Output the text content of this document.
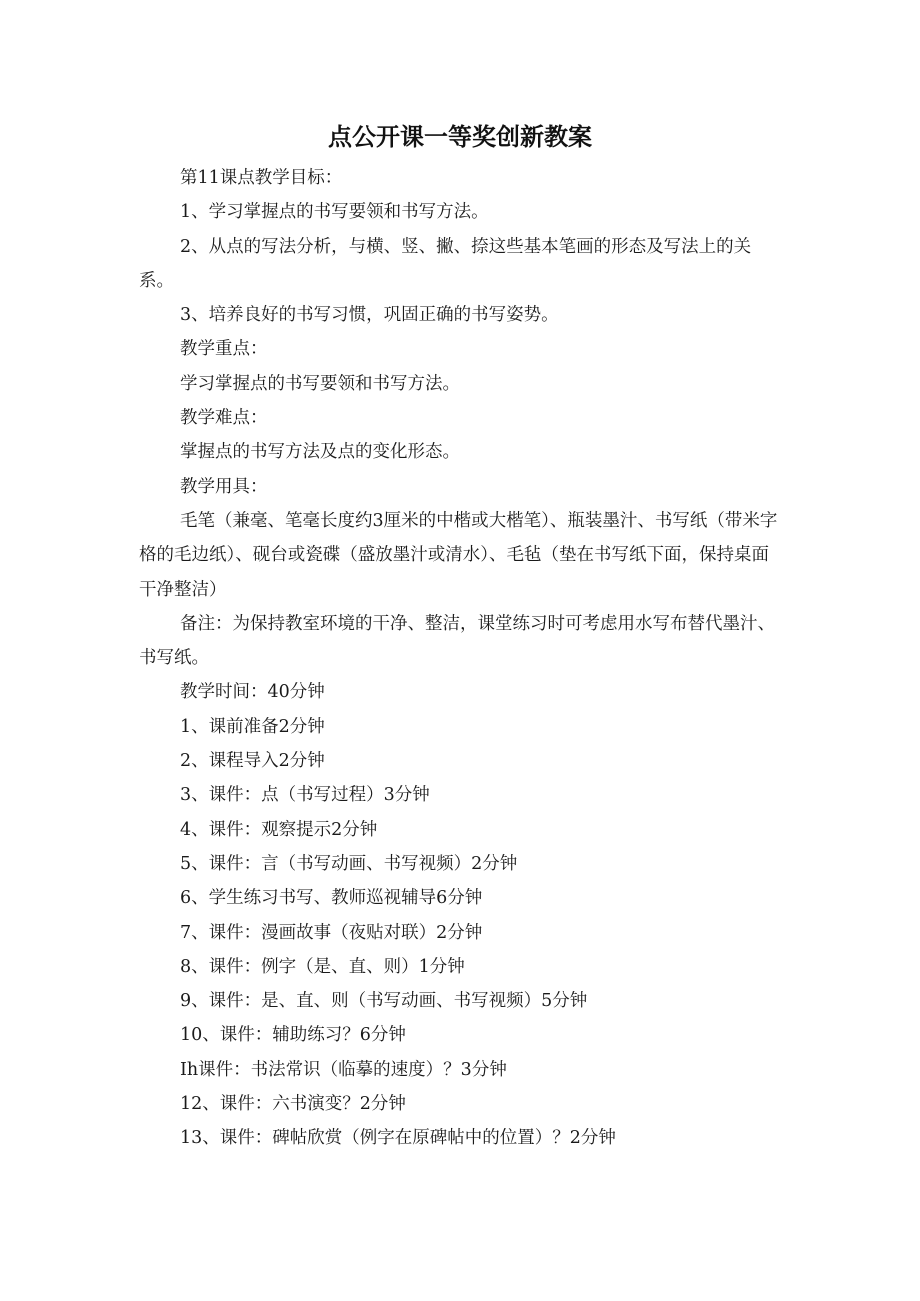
点公开课一等奖创新教案

第11课点教学目标：

1、学习掌握点的书写要领和书写方法。

2、从点的写法分析，与横、竖、撇、捺这些基本笔画的形态及写法上的关系。

3、培养良好的书写习惯，巩固正确的书写姿势。

教学重点：

学习掌握点的书写要领和书写方法。

教学难点：

掌握点的书写方法及点的变化形态。

教学用具：

毛笔（兼毫、笔毫长度约3厘米的中楷或大楷笔）、瓶装墨汁、书写纸（带米字格的毛边纸）、砚台或瓷碟（盛放墨汁或清水）、毛毡（垫在书写纸下面，保持桌面干净整洁）

备注：为保持教室环境的干净、整洁，课堂练习时可考虑用水写布替代墨汁、书写纸。

教学时间：40分钟

1、课前准备2分钟

2、课程导入2分钟

3、课件：点（书写过程）3分钟

4、课件：观察提示2分钟

5、课件：言（书写动画、书写视频）2分钟

6、学生练习书写、教师巡视辅导6分钟

7、课件：漫画故事（夜贴对联）2分钟

8、课件：例字（是、直、则）1分钟

9、课件：是、直、则（书写动画、书写视频）5分钟

10、课件：辅助练习？6分钟

Ih课件：书法常识（临摹的速度）？3分钟

12、课件：六书演变？2分钟

13、课件：碑帖欣赏（例字在原碑帖中的位置）？2分钟
